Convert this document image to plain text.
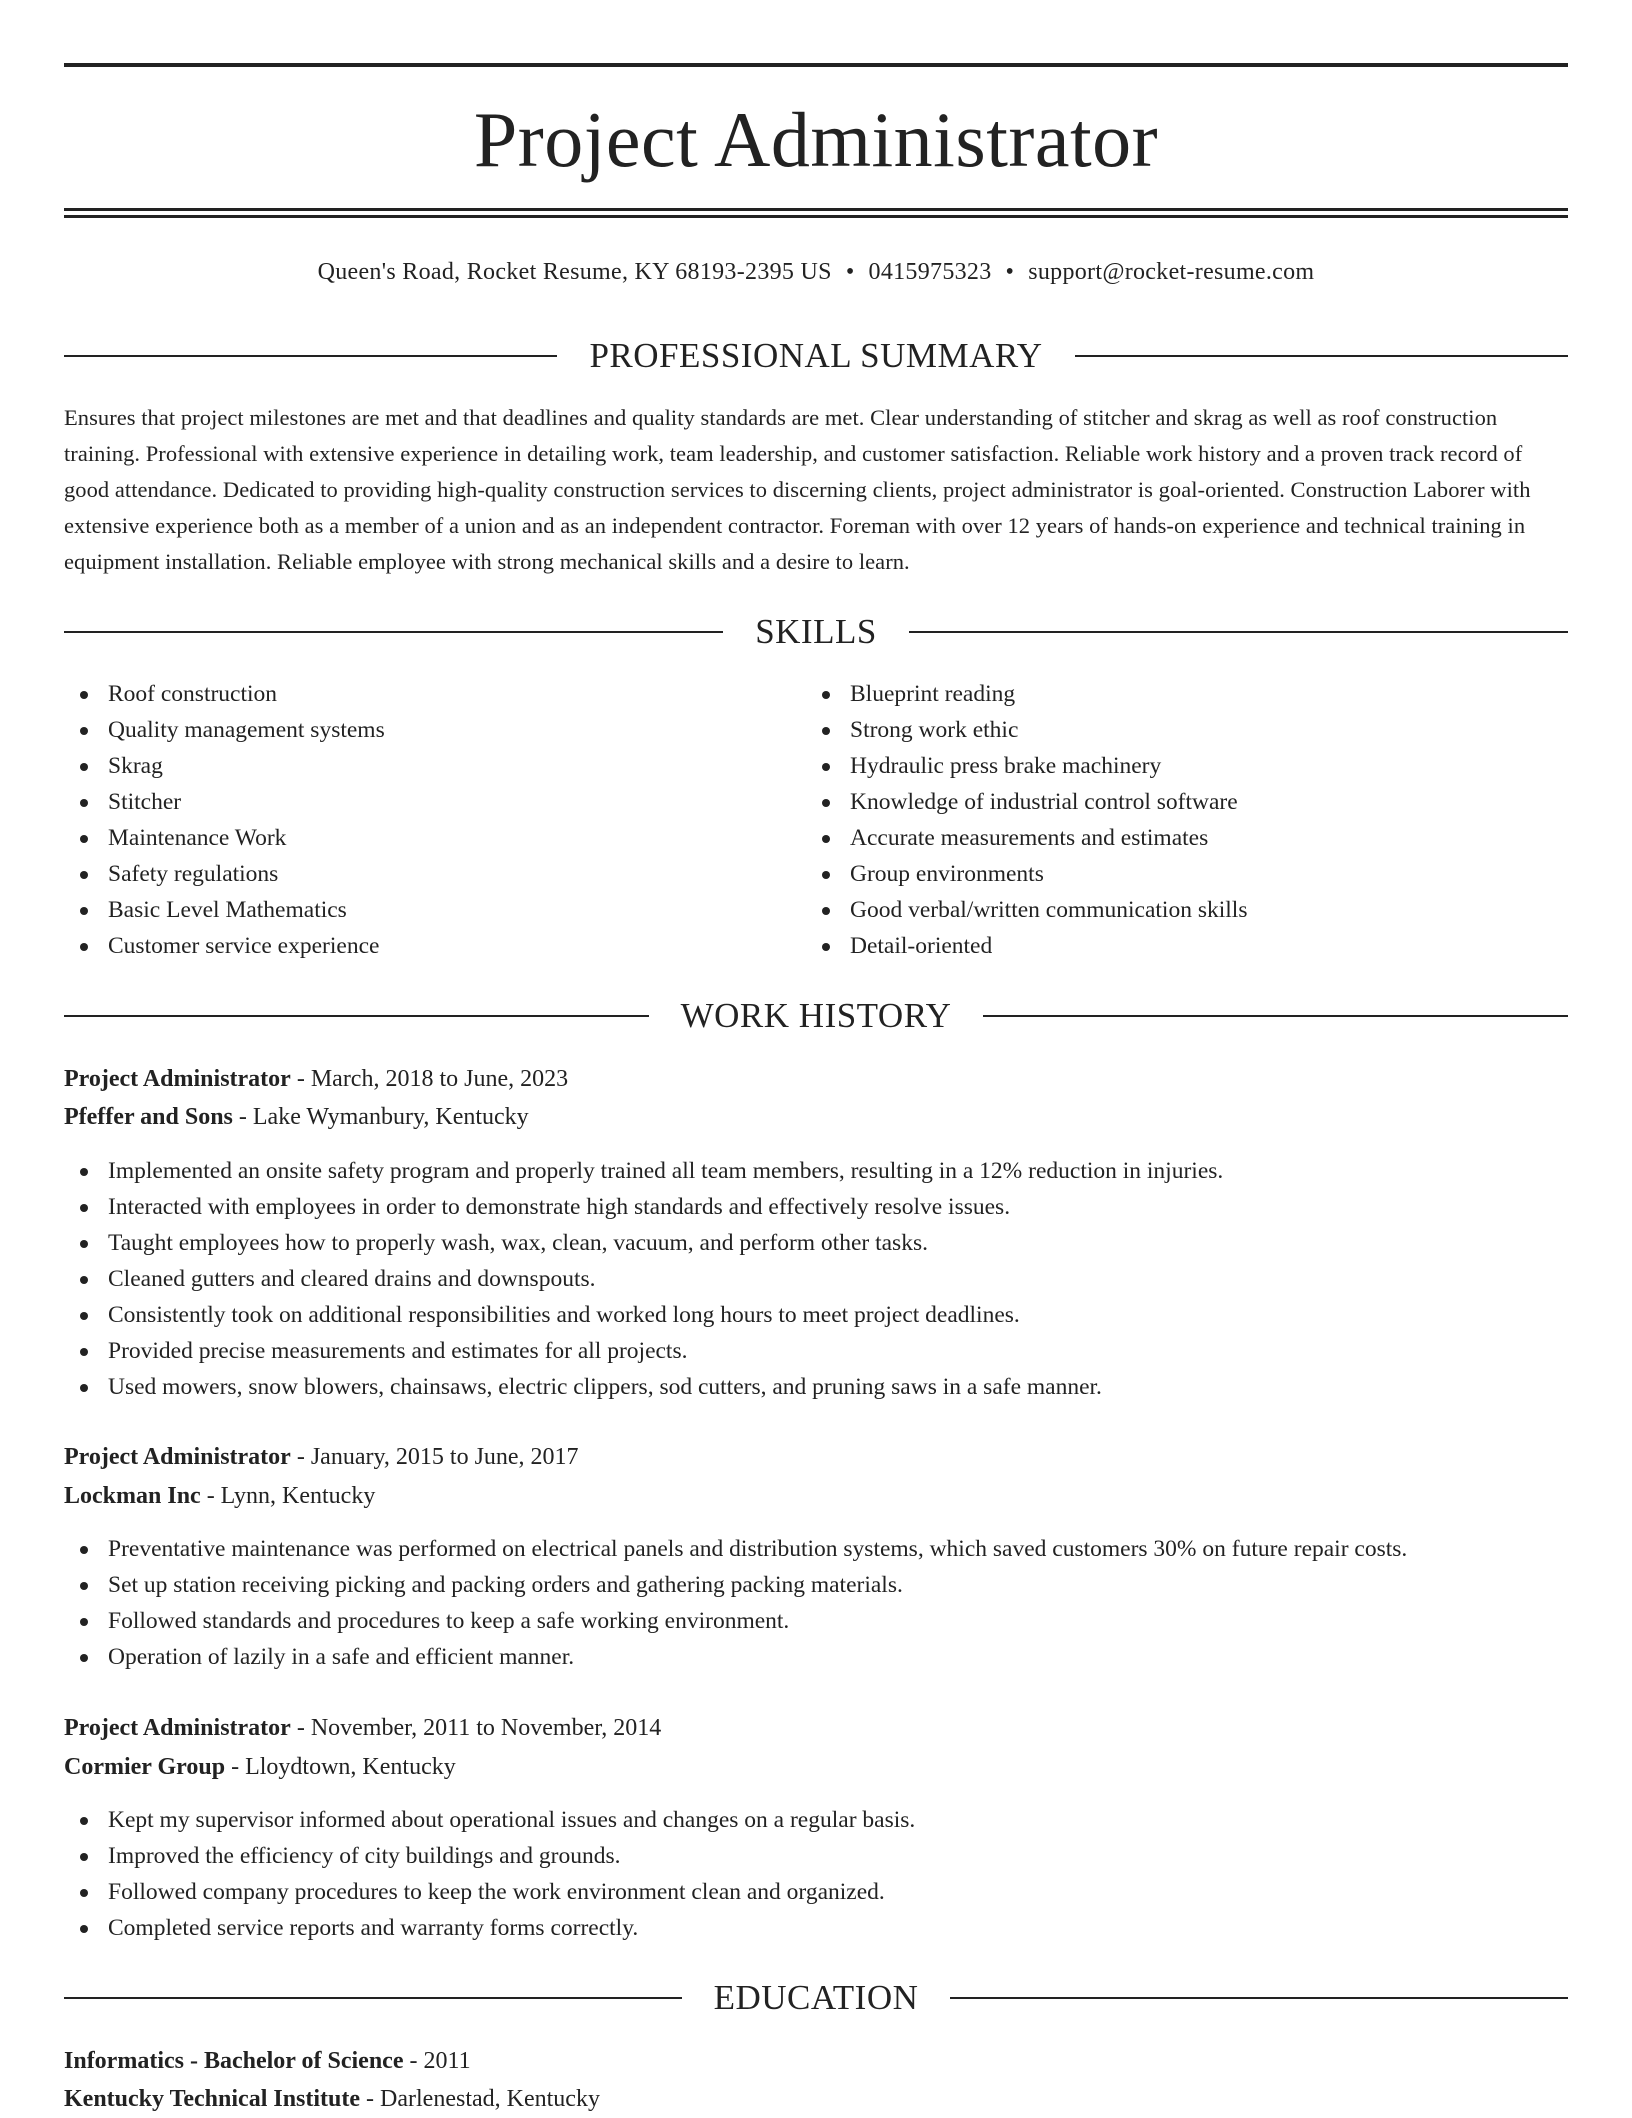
Project Administrator
Queen's Road, Rocket Resume, KY 68193-2395 US • 0415975323 • support@rocket-resume.com
PROFESSIONAL SUMMARY

Ensures that project milestones are met and that deadlines and quality standards are met. Clear understanding of stitcher and skrag as well as roof construction training. Professional with extensive experience in detailing work, team leadership, and customer satisfaction. Reliable work history and a proven track record of good attendance. Dedicated to providing high-quality construction services to discerning clients, project administrator is goal-oriented. Construction Laborer with extensive experience both as a member of a union and as an independent contractor. Foreman with over 12 years of hands-on experience and technical training in equipment installation. Reliable employee with strong mechanical skills and a desire to learn.

SKILLS
Roof construction
Quality management systems
Skrag
Stitcher
Maintenance Work
Safety regulations
Basic Level Mathematics
Customer service experience
Blueprint reading
Strong work ethic
Hydraulic press brake machinery
Knowledge of industrial control software
Accurate measurements and estimates
Group environments
Good verbal/written communication skills
Detail-oriented
WORK HISTORY
Project Administrator - March, 2018 to June, 2023
Pfeffer and Sons - Lake Wymanbury, Kentucky
Implemented an onsite safety program and properly trained all team members, resulting in a 12% reduction in injuries.
Interacted with employees in order to demonstrate high standards and effectively resolve issues.
Taught employees how to properly wash, wax, clean, vacuum, and perform other tasks.
Cleaned gutters and cleared drains and downspouts.
Consistently took on additional responsibilities and worked long hours to meet project deadlines.
Provided precise measurements and estimates for all projects.
Used mowers, snow blowers, chainsaws, electric clippers, sod cutters, and pruning saws in a safe manner.
Project Administrator - January, 2015 to June, 2017
Lockman Inc - Lynn, Kentucky
Preventative maintenance was performed on electrical panels and distribution systems, which saved customers 30% on future repair costs.
Set up station receiving picking and packing orders and gathering packing materials.
Followed standards and procedures to keep a safe working environment.
Operation of lazily in a safe and efficient manner.
Project Administrator - November, 2011 to November, 2014
Cormier Group - Lloydtown, Kentucky
Kept my supervisor informed about operational issues and changes on a regular basis.
Improved the efficiency of city buildings and grounds.
Followed company procedures to keep the work environment clean and organized.
Completed service reports and warranty forms correctly.
EDUCATION
Informatics - Bachelor of Science - 2011
Kentucky Technical Institute - Darlenestad, Kentucky
